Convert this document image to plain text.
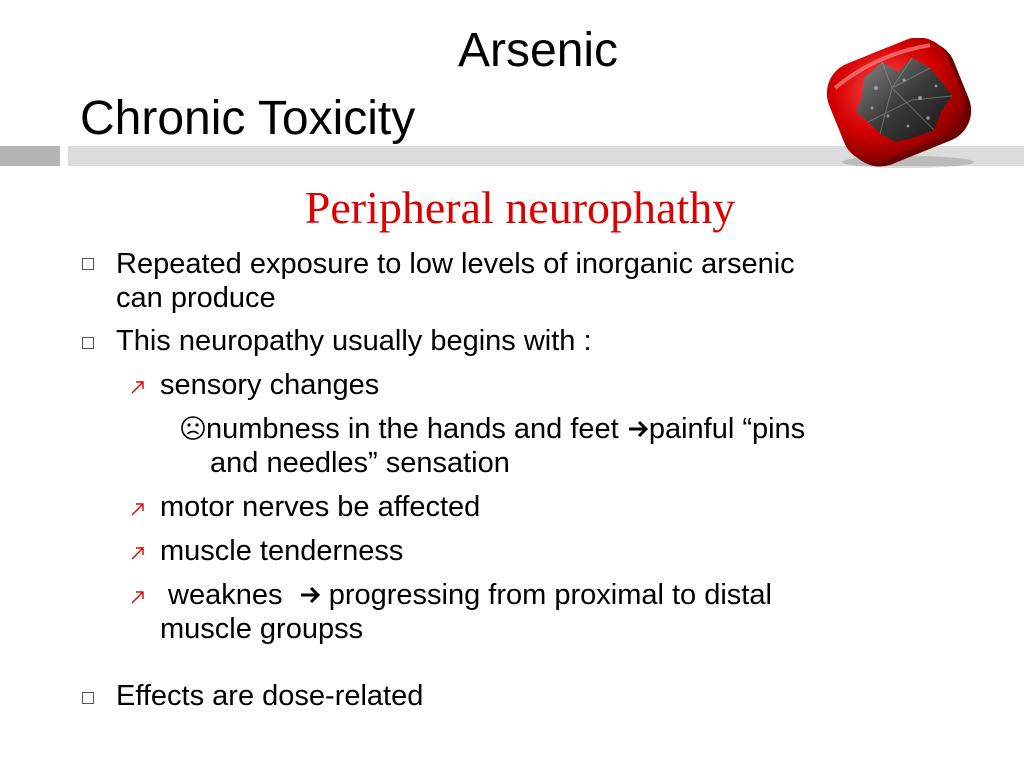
Arsenic
Chronic Toxicity
Peripheral neurophathy
Repeated exposure to low levels of inorganic arsenic
can produce
This neuropathy usually begins with :
sensory changes
numbness in the hands and feet painful “pins
and needles” sensation
motor nerves be affected
muscle tenderness
weaknes   progressing from proximal to distal
muscle groupss
Effects are dose-related
